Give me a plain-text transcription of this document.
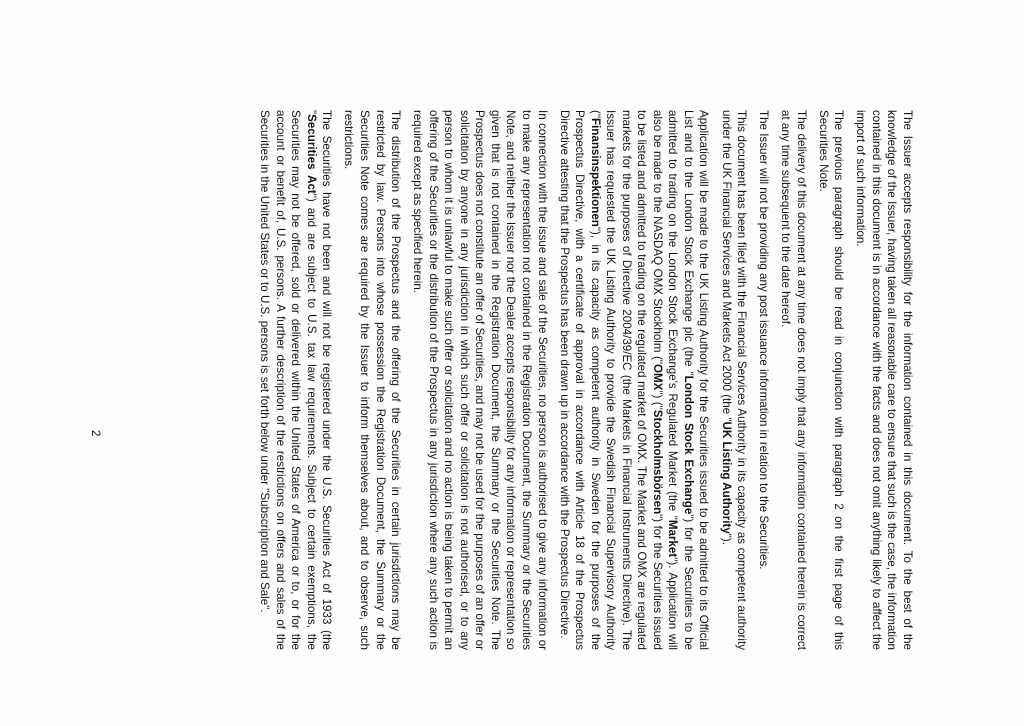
The Issuer accepts responsibility for the information contained in this document. To the best of the knowledge of the Issuer, having taken all reasonable care to ensure that such is the case, the information contained in this document is in accordance with the facts and does not omit anything likely to affect the import of such information.

The previous paragraph should be read in conjunction with paragraph 2 on the first page of this Securities Note.

The delivery of this document at any time does not imply that any information contained herein is correct at any time subsequent to the date hereof.

The Issuer will not be providing any post issuance information in relation to the Securities.

This document has been filed with the Financial Services Authority in its capacity as competent authority under the UK Financial Services and Markets Act 2000 (the "UK Listing Authority").

Application will be made to the UK Listing Authority for the Securities issued to be admitted to its Official List and to the London Stock Exchange plc (the "London Stock Exchange") for the Securities to be admitted to trading on the London Stock Exchange's Regulated Market (the "Market"). Application will also be made to the NASDAQ OMX Stockholm ("OMX") ("Stockholmsbörsen") for the Securities issued to be listed and admitted to trading on the regulated market of OMX. The Market and OMX are regulated markets for the purposes of Directive 2004/39/EC (the Markets in Financial Instruments Directive). The Issuer has requested the UK Listing Authority to provide the Swedish Financial Supervisory Authority ("Finansinspektionen"), in its capacity as competent authority in Sweden for the purposes of the Prospectus Directive, with a certificate of approval in accordance with Article 18 of the Prospectus Directive attesting that the Prospectus has been drawn up in accordance with the Prospectus Directive.

In connection with the issue and sale of the Securities, no person is authorised to give any information or to make any representation not contained in the Registration Document, the Summary or the Securities Note, and neither the Issuer nor the Dealer accepts responsibility for any information or representation so given that is not contained in the Registration Document, the Summary or the Securities Note. The Prospectus does not constitute an offer of Securities, and may not be used for the purposes of an offer or solicitation by anyone in any jurisdiction in which such offer or solicitation is not authorised, or to any person to whom it is unlawful to make such offer or solicitation and no action is being taken to permit an offering of the Securities or the distribution of the Prospectus in any jurisdiction where any such action is required except as specified herein.

The distribution of the Prospectus and the offering of the Securities in certain jurisdictions may be restricted by law. Persons into whose possession the Registration Document, the Summary or the Securities Note comes are required by the Issuer to inform themselves about, and to observe, such restrictions.

The Securities have not been and will not be registered under the U.S. Securities Act of 1933 (the "Securities Act") and are subject to U.S. tax law requirements. Subject to certain exemptions, the Securities may not be offered, sold or delivered within the United States of America or to, or for the account or benefit of, U.S. persons. A further description of the restrictions on offers and sales of the Securities in the United States or to U.S. persons is set forth below under "Subscription and Sale".

2
